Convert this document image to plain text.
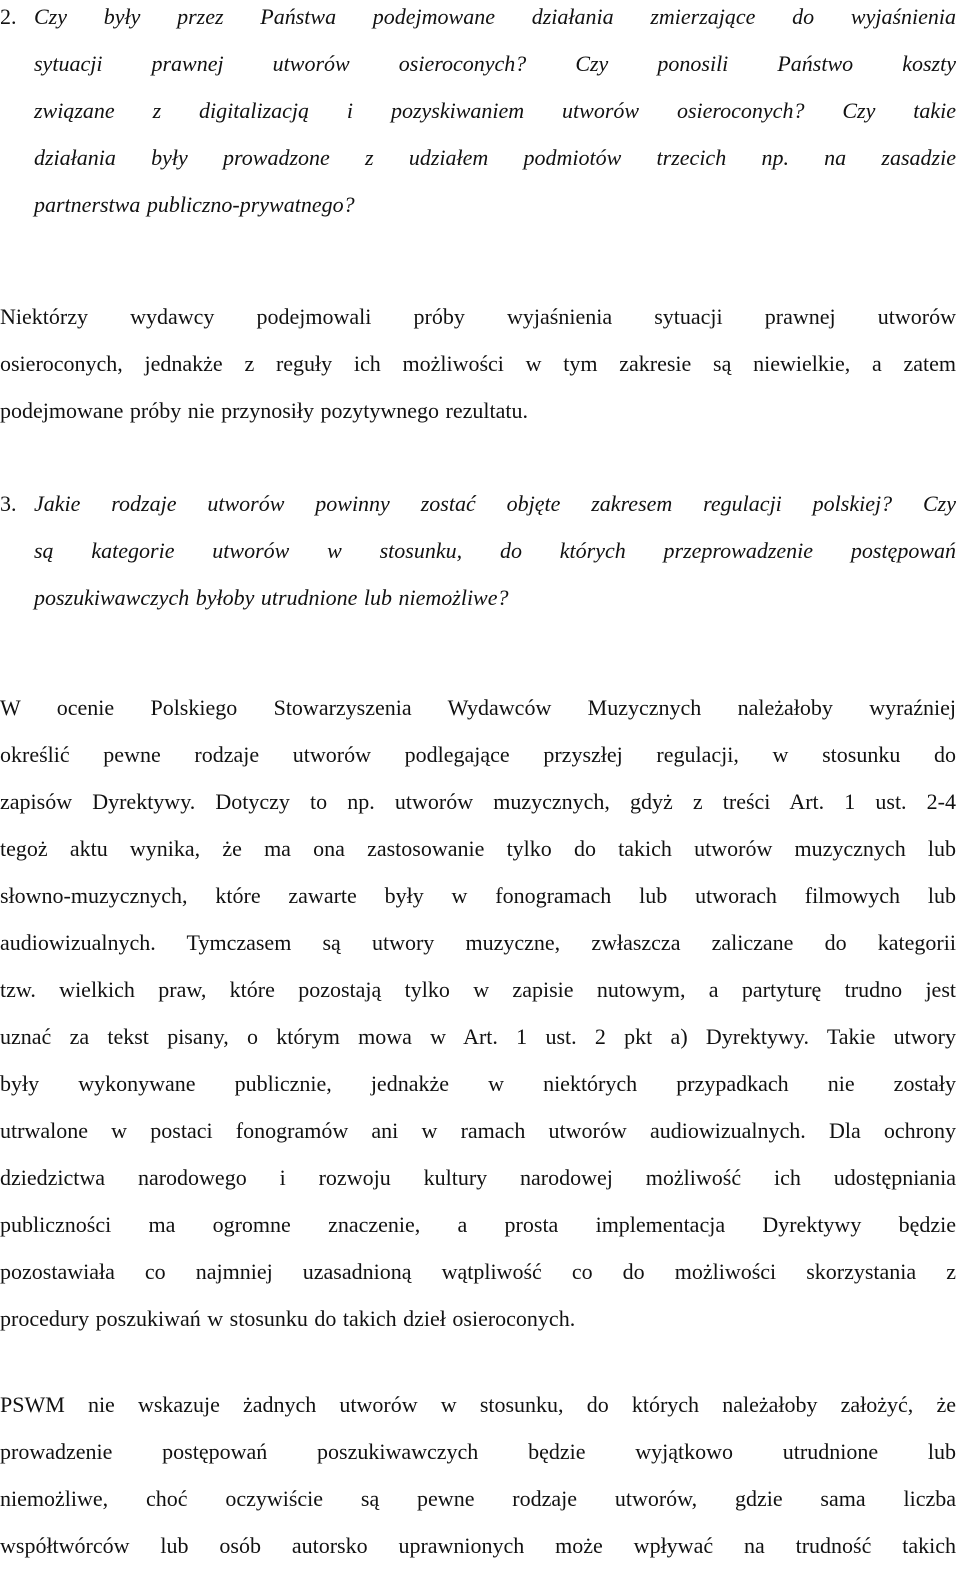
2. Czy były przez Państwa podejmowane działania zmierzające do wyjaśnienia
sytuacji prawnej utworów osieroconych? Czy ponosili Państwo koszty
związane z digitalizacją i pozyskiwaniem utworów osieroconych? Czy takie
działania były prowadzone z udziałem podmiotów trzecich np. na zasadzie
partnerstwa publiczno-prywatnego?
Niektórzy wydawcy podejmowali próby wyjaśnienia sytuacji prawnej utworów
osieroconych, jednakże z reguły ich możliwości w tym zakresie są niewielkie, a zatem
podejmowane próby nie przynosiły pozytywnego rezultatu.
3. Jakie rodzaje utworów powinny zostać objęte zakresem regulacji polskiej? Czy
są kategorie utworów w stosunku, do których przeprowadzenie postępowań
poszukiwawczych byłoby utrudnione lub niemożliwe?
W ocenie Polskiego Stowarzyszenia Wydawców Muzycznych należałoby wyraźniej
określić pewne rodzaje utworów podlegające przyszłej regulacji, w stosunku do
zapisów Dyrektywy. Dotyczy to np. utworów muzycznych, gdyż z treści Art. 1 ust. 2-4
tegoż aktu wynika, że ma ona zastosowanie tylko do takich utworów muzycznych lub
słowno-muzycznych, które zawarte były w fonogramach lub utworach filmowych lub
audiowizualnych. Tymczasem są utwory muzyczne, zwłaszcza zaliczane do kategorii
tzw. wielkich praw, które pozostają tylko w zapisie nutowym, a partyturę trudno jest
uznać za tekst pisany, o którym mowa w Art. 1 ust. 2 pkt a) Dyrektywy. Takie utwory
były wykonywane publicznie, jednakże w niektórych przypadkach nie zostały
utrwalone w postaci fonogramów ani w ramach utworów audiowizualnych. Dla ochrony
dziedzictwa narodowego i rozwoju kultury narodowej możliwość ich udostępniania
publiczności ma ogromne znaczenie, a prosta implementacja Dyrektywy będzie
pozostawiała co najmniej uzasadnioną wątpliwość co do możliwości skorzystania z
procedury poszukiwań w stosunku do takich dzieł osieroconych.
PSWM nie wskazuje żadnych utworów w stosunku, do których należałoby założyć, że
prowadzenie postępowań poszukiwawczych będzie wyjątkowo utrudnione lub
niemożliwe, choć oczywiście są pewne rodzaje utworów, gdzie sama liczba
współtwórców lub osób autorsko uprawnionych może wpływać na trudność takich
